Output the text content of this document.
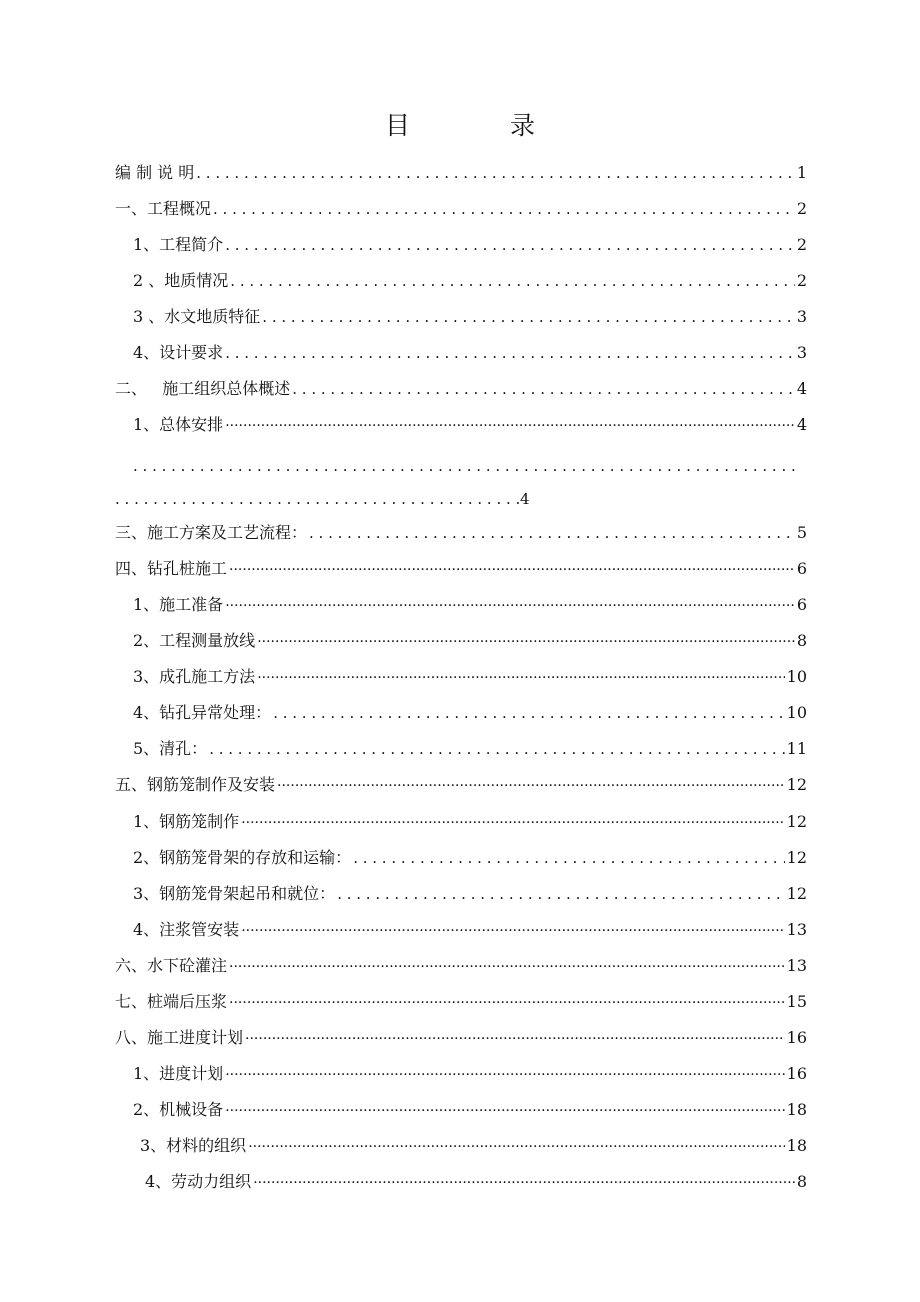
目	录
编 制 说 明 . . .	1
一、工程概况 . . .	2
1、工程简介 . . .	2
2 、地质情况 . . .	2
3 、水文地质特征 . . .	3
4、设计要求 . . .	3
二、   施工组织总体概述 . . .	4
1、总体安排 ·····	4
. . .
. . .
4
三、施工方案及工艺流程： . . .	5
四、钻孔桩施工 ·····	6
1、施工准备 ·····	6
2、工程测量放线 ·····	8
3、成孔施工方法 ·····	10
4、钻孔异常处理： . . .	10
5、清孔： . . .	11
五、钢筋笼制作及安装 ·····	12
1、钢筋笼制作 ·····	12
2、钢筋笼骨架的存放和运输： . . .	12
3、钢筋笼骨架起吊和就位： . . .	12
4、注浆管安装 ·····	13
六、水下砼灌注 ·····	13
七、桩端后压浆 ·····	15
八、施工进度计划 ·····	16
1、进度计划 ·····	16
2、机械设备 ·····	18
3、材料的组织 ·····	18
4、劳动力组织 ·····	8
